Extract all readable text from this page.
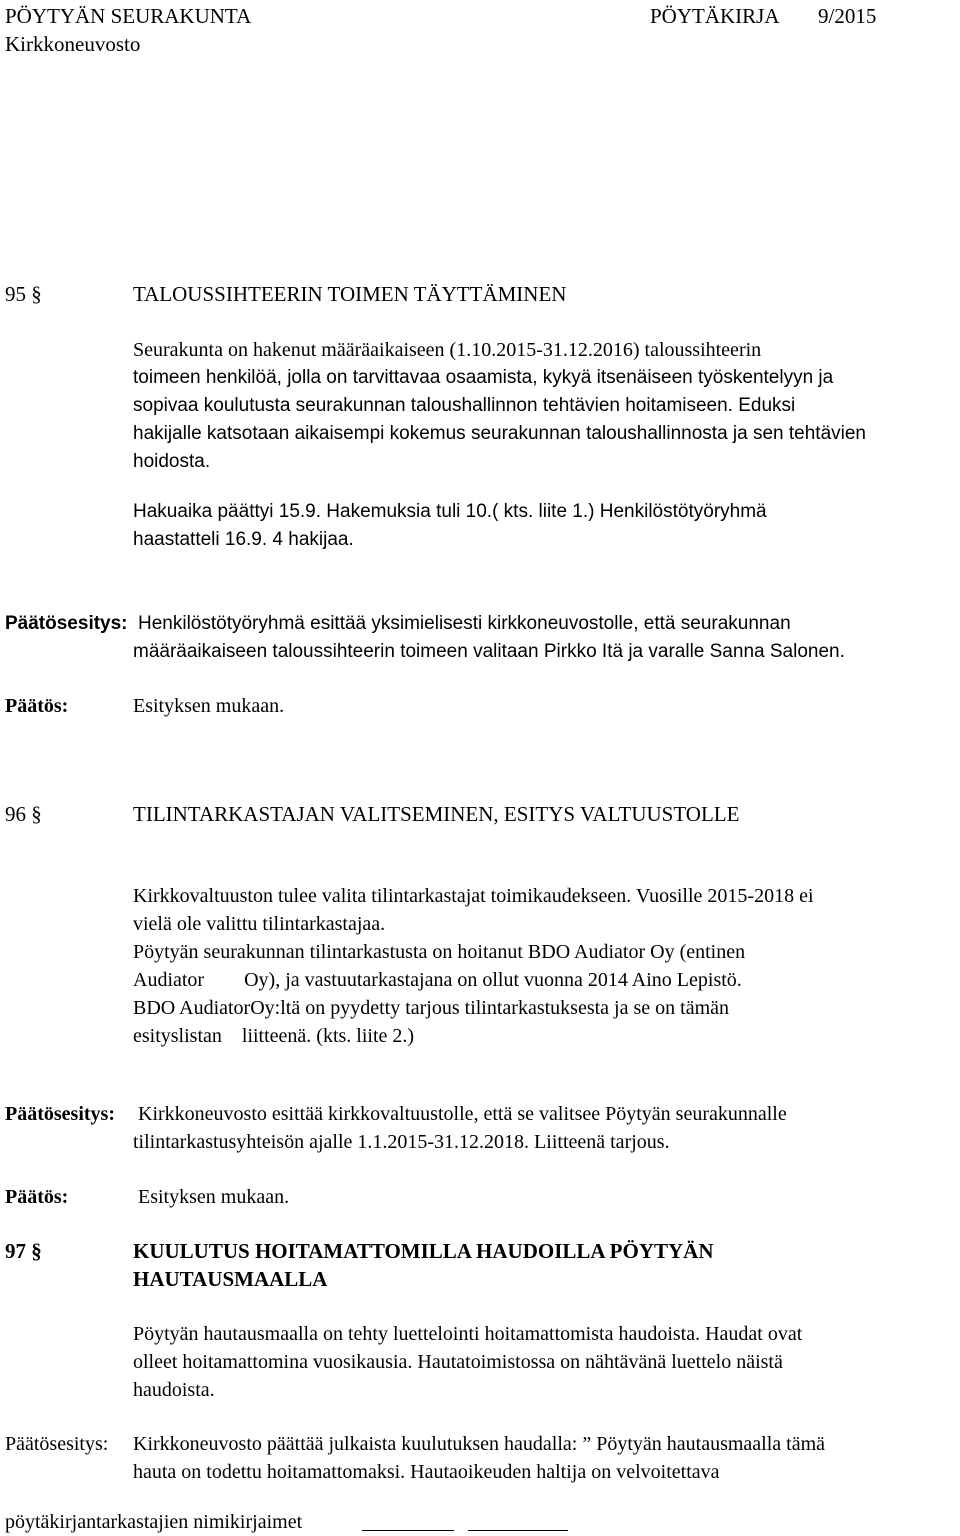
PÖYTYÄN SEURAKUNTA	PÖYTÄKIRJA 9/2015
Kirkkoneuvosto
95 §	TALOUSSIHTEERIN TOIMEN TÄYTTÄMINEN
Seurakunta on hakenut määräaikaiseen (1.10.2015-31.12.2016) taloussihteerin
toimeen henkilöä, jolla on tarvittavaa osaamista, kykyä itsenäiseen työskentelyyn ja
sopivaa koulutusta seurakunnan taloushallinnon tehtävien hoitamiseen. Eduksi
hakijalle katsotaan aikaisempi kokemus seurakunnan taloushallinnosta ja sen tehtävien
hoidosta.
Hakuaika päättyi 15.9. Hakemuksia tuli 10.( kts. liite 1.) Henkilöstötyöryhmä
haastatteli 16.9. 4 hakijaa.
Päätösesitys: Henkilöstötyöryhmä esittää yksimielisesti kirkkoneuvostolle, että seurakunnan
määräaikaiseen taloussihteerin toimeen valitaan Pirkko Itä ja varalle Sanna Salonen.
Päätös:	Esityksen mukaan.
96 §	TILINTARKASTAJAN VALITSEMINEN, ESITYS VALTUUSTOLLE
Kirkkovaltuuston tulee valita tilintarkastajat toimikaudekseen. Vuosille 2015-2018 ei
vielä ole valittu tilintarkastajaa.
Pöytyän seurakunnan tilintarkastusta on hoitanut BDO Audiator Oy (entinen
Audiator        Oy), ja vastuutarkastajana on ollut vuonna 2014 Aino Lepistö.
BDO AudiatorOy:ltä on pyydetty tarjous tilintarkastuksesta ja se on tämän
esityslistan    liitteenä. (kts. liite 2.)
Päätösesitys: Kirkkoneuvosto esittää kirkkovaltuustolle, että se valitsee Pöytyän seurakunnalle
tilintarkastusyhteisön ajalle 1.1.2015-31.12.2018. Liitteenä tarjous.
Päätös:	Esityksen mukaan.
97 §	KUULUTUS HOITAMATTOMILLA HAUDOILLA PÖYTYÄN
HAUTAUSMAALLA
Pöytyän hautausmaalla on tehty luettelointi hoitamattomista haudoista. Haudat ovat
olleet hoitamattomina vuosikausia. Hautatoimistossa on nähtävänä luettelo näistä
haudoista.
Päätösesitys: Kirkkoneuvosto päättää julkaista kuulutuksen haudalla: ” Pöytyän hautausmaalla tämä
hauta on todettu hoitamattomaksi. Hautaoikeuden haltija on velvoitettava
pöytäkirjantarkastajien nimikirjaimet
